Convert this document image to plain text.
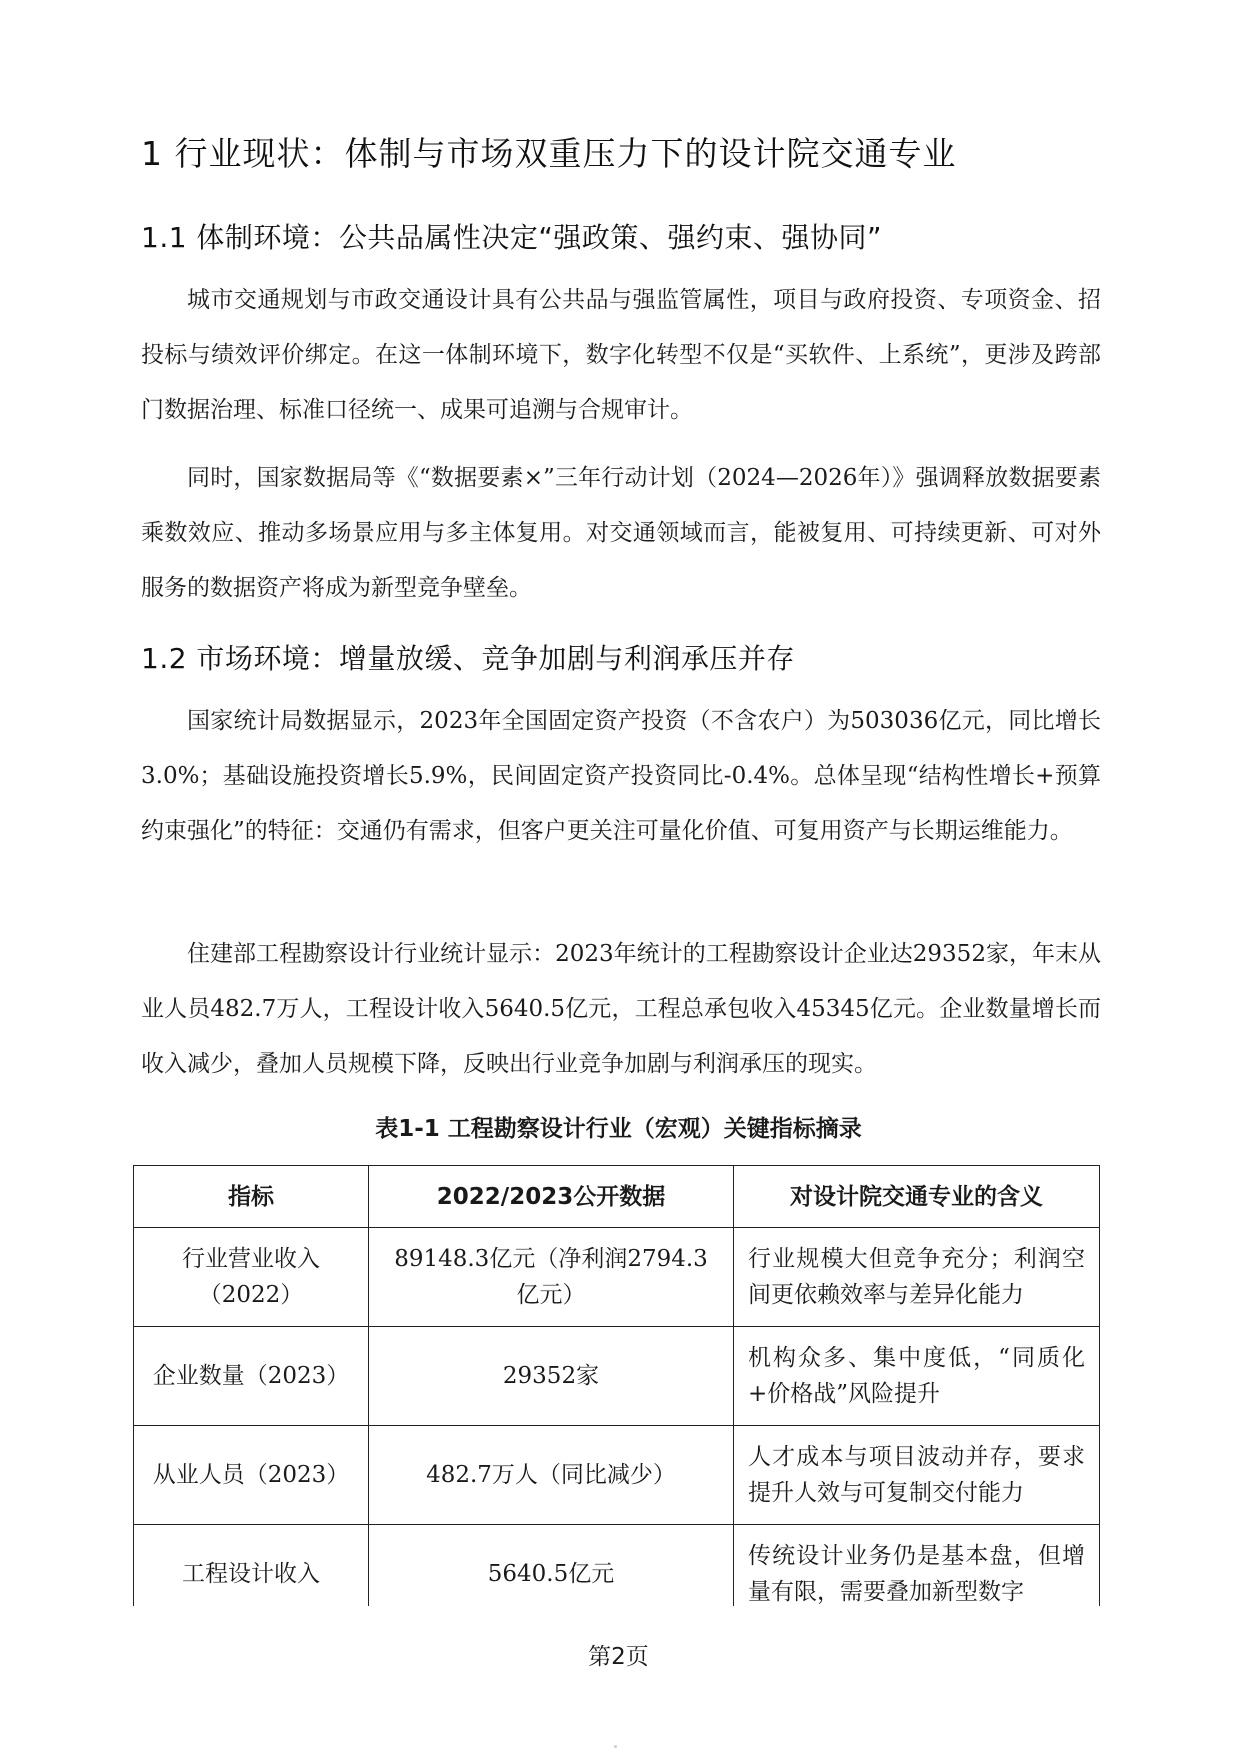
1 行业现状：体制与市场双重压力下的设计院交通专业
1.1 体制环境：公共品属性决定“强政策、强约束、强协同”

城市交通规划与市政交通设计具有公共品与强监管属性，项目与政府投资、专项资金、招投标与绩效评价绑定。在这一体制环境下，数字化转型不仅是“买软件、上系统”，更涉及跨部门数据治理、标准口径统一、成果可追溯与合规审计。

同时，国家数据局等《“数据要素×”三年行动计划（2024—2026年）》强调释放数据要素乘数效应、推动多场景应用与多主体复用。对交通领域而言，能被复用、可持续更新、可对外服务的数据资产将成为新型竞争壁垒。

1.2 市场环境：增量放缓、竞争加剧与利润承压并存

国家统计局数据显示，2023年全国固定资产投资（不含农户）为503036亿元，同比增长3.0%；基础设施投资增长5.9%，民间固定资产投资同比-0.4%。总体呈现“结构性增长+预算约束强化”的特征：交通仍有需求，但客户更关注可量化价值、可复用资产与长期运维能力。

住建部工程勘察设计行业统计显示：2023年统计的工程勘察设计企业达29352家，年末从业人员482.7万人，工程设计收入5640.5亿元，工程总承包收入45345亿元。企业数量增长而收入减少，叠加人员规模下降，反映出行业竞争加剧与利润承压的现实。

表1-1 工程勘察设计行业（宏观）关键指标摘录

指标	2022/2023公开数据	对设计院交通专业的含义
行业营业收入（2022）	89148.3亿元（净利润2794.3亿元）	行业规模大但竞争充分；利润空间更依赖效率与差异化能力
企业数量（2023）	29352家	机构众多、集中度低，“同质化+价格战”风险提升
从业人员（2023）	482.7万人（同比减少）	人才成本与项目波动并存，要求提升人效与可复制交付能力
工程设计收入	5640.5亿元	传统设计业务仍是基本盘，但增量有限，需要叠加新型数字

第2页
